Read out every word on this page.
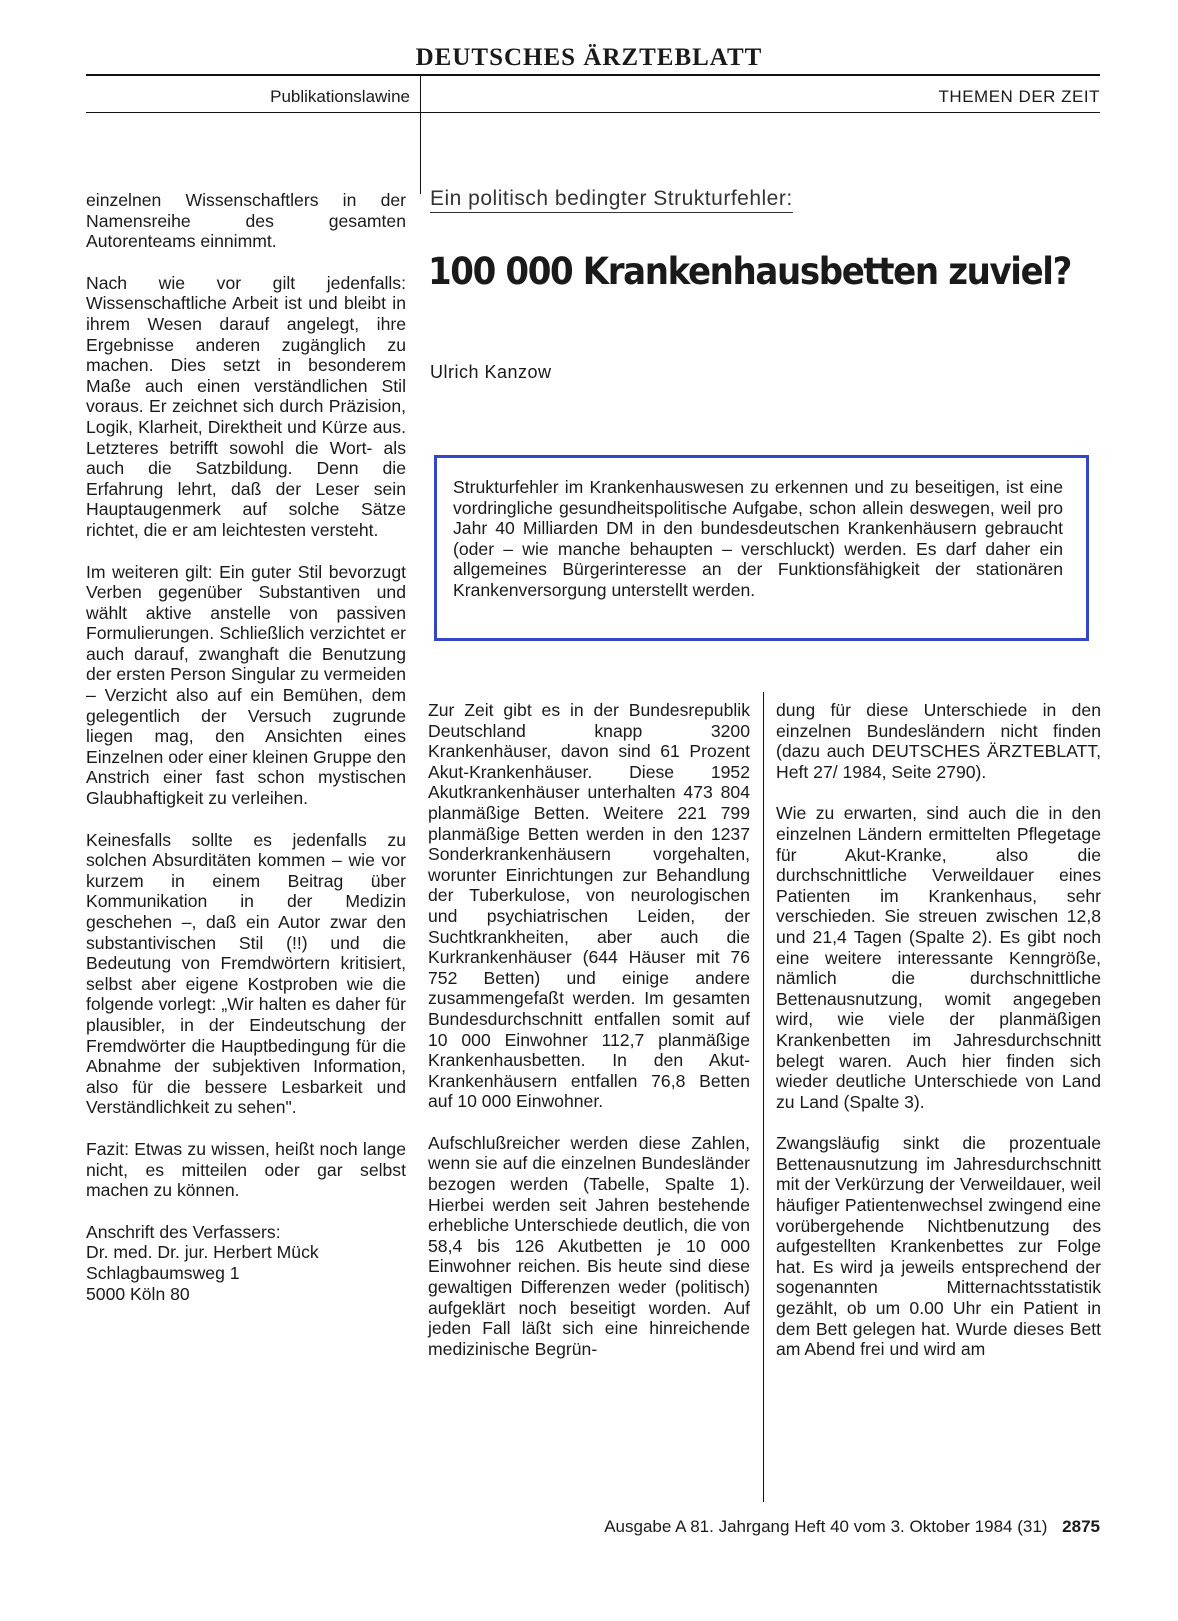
DEUTSCHES ÄRZTEBLATT
Publikationslawine	THEMEN DER ZEIT

einzelnen Wissenschaftlers in der Namensreihe des gesamten Autorenteams einnimmt.

Nach wie vor gilt jedenfalls: Wissenschaftliche Arbeit ist und bleibt in ihrem Wesen darauf angelegt, ihre Ergebnisse anderen zugänglich zu machen. Dies setzt in besonderem Maße auch einen verständlichen Stil voraus. Er zeichnet sich durch Präzision, Logik, Klarheit, Direktheit und Kürze aus. Letzteres betrifft sowohl die Wort- als auch die Satzbildung. Denn die Erfahrung lehrt, daß der Leser sein Hauptaugenmerk auf solche Sätze richtet, die er am leichtesten versteht.

Im weiteren gilt: Ein guter Stil bevorzugt Verben gegenüber Substantiven und wählt aktive anstelle von passiven Formulierungen. Schließlich verzichtet er auch darauf, zwanghaft die Benutzung der ersten Person Singular zu vermeiden – Verzicht also auf ein Bemühen, dem gelegentlich der Versuch zugrunde liegen mag, den Ansichten eines Einzelnen oder einer kleinen Gruppe den Anstrich einer fast schon mystischen Glaubhaftigkeit zu verleihen.

Keinesfalls sollte es jedenfalls zu solchen Absurditäten kommen – wie vor kurzem in einem Beitrag über Kommunikation in der Medizin geschehen –, daß ein Autor zwar den substantivischen Stil (!!) und die Bedeutung von Fremdwörtern kritisiert, selbst aber eigene Kostproben wie die folgende vorlegt: „Wir halten es daher für plausibler, in der Eindeutschung der Fremdwörter die Hauptbedingung für die Abnahme der subjektiven Information, also für die bessere Lesbarkeit und Verständlichkeit zu sehen".

Fazit: Etwas zu wissen, heißt noch lange nicht, es mitteilen oder gar selbst machen zu können.

Anschrift des Verfassers:
Dr. med. Dr. jur. Herbert Mück
Schlagbaumsweg 1
5000 Köln 80
Ein politisch bedingter Strukturfehler:
100 000 Krankenhausbetten zuviel?
Ulrich Kanzow
Strukturfehler im Krankenhauswesen zu erkennen und zu beseitigen, ist eine vordringliche gesundheitspolitische Aufgabe, schon allein deswegen, weil pro Jahr 40 Milliarden DM in den bundesdeutschen Krankenhäusern gebraucht (oder – wie manche behaupten – verschluckt) werden. Es darf daher ein allgemeines Bürgerinteresse an der Funktionsfähigkeit der stationären Krankenversorgung unterstellt werden.

Zur Zeit gibt es in der Bundesrepublik Deutschland knapp 3200 Krankenhäuser, davon sind 61 Prozent Akut-Krankenhäuser. Diese 1952 Akutkrankenhäuser unterhalten 473 804 planmäßige Betten. Weitere 221 799 planmäßige Betten werden in den 1237 Sonderkrankenhäusern vorgehalten, worunter Einrichtungen zur Behandlung der Tuberkulose, von neurologischen und psychiatrischen Leiden, der Suchtkrankheiten, aber auch die Kurkrankenhäuser (644 Häuser mit 76 752 Betten) und einige andere zusammengefaßt werden. Im gesamten Bundesdurchschnitt entfallen somit auf 10 000 Einwohner 112,7 planmäßige Krankenhausbetten. In den Akut-Krankenhäusern entfallen 76,8 Betten auf 10 000 Einwohner.

Aufschlußreicher werden diese Zahlen, wenn sie auf die einzelnen Bundesländer bezogen werden (Tabelle, Spalte 1). Hierbei werden seit Jahren bestehende erhebliche Unterschiede deutlich, die von 58,4 bis 126 Akutbetten je 10 000 Einwohner reichen. Bis heute sind diese gewaltigen Differenzen weder (politisch) aufgeklärt noch beseitigt worden. Auf jeden Fall läßt sich eine hinreichende medizinische Begrün-

dung für diese Unterschiede in den einzelnen Bundesländern nicht finden (dazu auch DEUTSCHES ÄRZTEBLATT, Heft 27/ 1984, Seite 2790).

Wie zu erwarten, sind auch die in den einzelnen Ländern ermittelten Pflegetage für Akut-Kranke, also die durchschnittliche Verweildauer eines Patienten im Krankenhaus, sehr verschieden. Sie streuen zwischen 12,8 und 21,4 Tagen (Spalte 2). Es gibt noch eine weitere interessante Kenngröße, nämlich die durchschnittliche Bettenausnutzung, womit angegeben wird, wie viele der planmäßigen Krankenbetten im Jahresdurchschnitt belegt waren. Auch hier finden sich wieder deutliche Unterschiede von Land zu Land (Spalte 3).

Zwangsläufig sinkt die prozentuale Bettenausnutzung im Jahresdurchschnitt mit der Verkürzung der Verweildauer, weil häufiger Patientenwechsel zwingend eine vorübergehende Nichtbenutzung des aufgestellten Krankenbettes zur Folge hat. Es wird ja jeweils entsprechend der sogenannten Mitternachtsstatistik gezählt, ob um 0.00 Uhr ein Patient in dem Bett gelegen hat. Wurde dieses Bett am Abend frei und wird am

Ausgabe A 81. Jahrgang Heft 40 vom 3. Oktober 1984 (31) 2875
